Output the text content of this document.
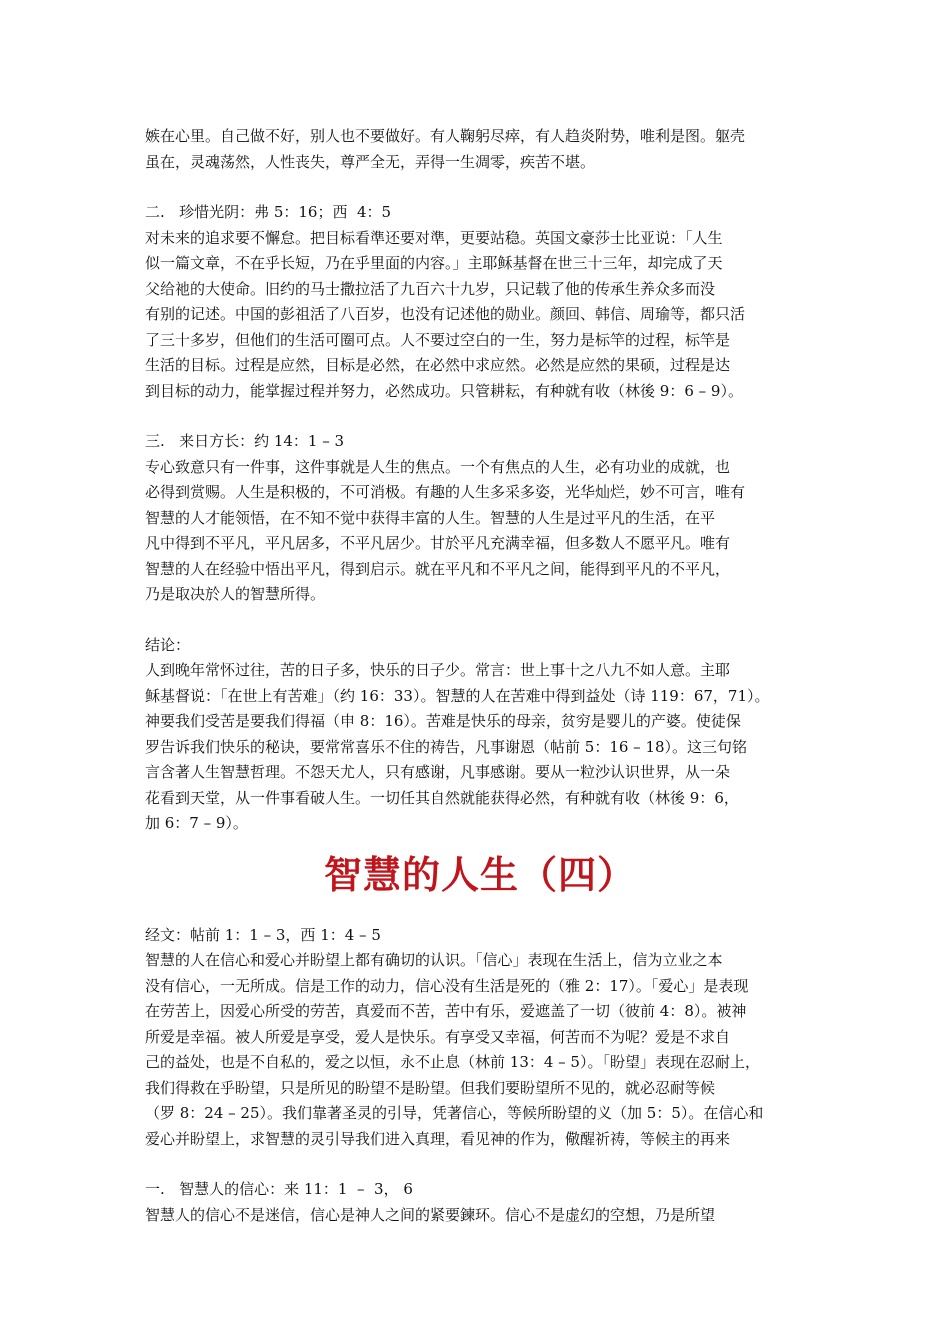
嫉在心里。自己做不好，别人也不要做好。有人鞠躬尽瘁，有人趋炎附势，唯利是图。躯壳
虽在，灵魂荡然，人性丧失，尊严全无，弄得一生凋零，疾苦不堪。
二.   珍惜光阴：弗 5：16；西  4：5
对未来的追求要不懈怠。把目标看準还要对準，更要站稳。英国文豪莎士比亚说：「人生
似一篇文章，不在乎长短，乃在乎里面的内容。」主耶稣基督在世三十三年，却完成了天
父给祂的大使命。旧约的马士撒拉活了九百六十九岁，只记载了他的传承生养众多而没
有别的记述。中国的彭祖活了八百岁，也没有记述他的勋业。颜回、韩信、周瑜等，都只活
了三十多岁，但他们的生活可圈可点。人不要过空白的一生，努力是标竿的过程，标竿是
生活的目标。过程是应然，目标是必然，在必然中求应然。必然是应然的果硕，过程是达
到目标的动力，能掌握过程并努力，必然成功。只管耕耘，有种就有收（林後 9：6 – 9）。
三.   来日方长：约 14：1 – 3
专心致意只有一件事，这件事就是人生的焦点。一个有焦点的人生，必有功业的成就，也
必得到赏赐。人生是积极的，不可消极。有趣的人生多采多姿，光华灿烂，妙不可言，唯有
智慧的人才能领悟，在不知不觉中获得丰富的人生。智慧的人生是过平凡的生活，在平
凡中得到不平凡，平凡居多，不平凡居少。甘於平凡充满幸福，但多数人不愿平凡。唯有
智慧的人在经验中悟出平凡，得到启示。就在平凡和不平凡之间，能得到平凡的不平凡，
乃是取决於人的智慧所得。
结论：
人到晚年常怀过往，苦的日子多，快乐的日子少。常言：世上事十之八九不如人意。主耶
稣基督说：「在世上有苦难」（约 16：33）。智慧的人在苦难中得到益处（诗 119：67，71）。
神要我们受苦是要我们得福（申 8：16）。苦难是快乐的母亲，贫穷是婴儿的产婆。使徒保
罗告诉我们快乐的秘诀，要常常喜乐不住的祷告，凡事谢恩（帖前 5：16 – 18）。这三句铭
言含著人生智慧哲理。不怨天尤人，只有感谢，凡事感谢。要从一粒沙认识世界，从一朵
花看到天堂，从一件事看破人生。一切任其自然就能获得必然，有种就有收（林後 9：6，
加 6：7 – 9）。
智慧的人生（四）
经文：帖前 1：1 – 3，西 1：4 – 5
智慧的人在信心和爱心并盼望上都有确切的认识。「信心」表现在生活上，信为立业之本
没有信心，一无所成。信是工作的动力，信心没有生活是死的（雅 2：17）。「爱心」是表现
在劳苦上，因爱心所受的劳苦，真爱而不苦，苦中有乐，爱遮盖了一切（彼前 4：8）。被神
所爱是幸福。被人所爱是享受，爱人是快乐。有享受又幸福，何苦而不为呢？爱是不求自
己的益处，也是不自私的，爱之以恒，永不止息（林前 13：4 – 5）。「盼望」表现在忍耐上，
我们得救在乎盼望，只是所见的盼望不是盼望。但我们要盼望所不见的，就必忍耐等候
（罗 8：24 – 25）。我们靠著圣灵的引导，凭著信心，等候所盼望的义（加 5：5）。在信心和
爱心并盼望上，求智慧的灵引导我们进入真理，看见神的作为，儆醒祈祷，等候主的再来
一.   智慧人的信心：来 11：1  –  3， 6
智慧人的信心不是迷信，信心是神人之间的紧要鍊环。信心不是虚幻的空想，乃是所望
